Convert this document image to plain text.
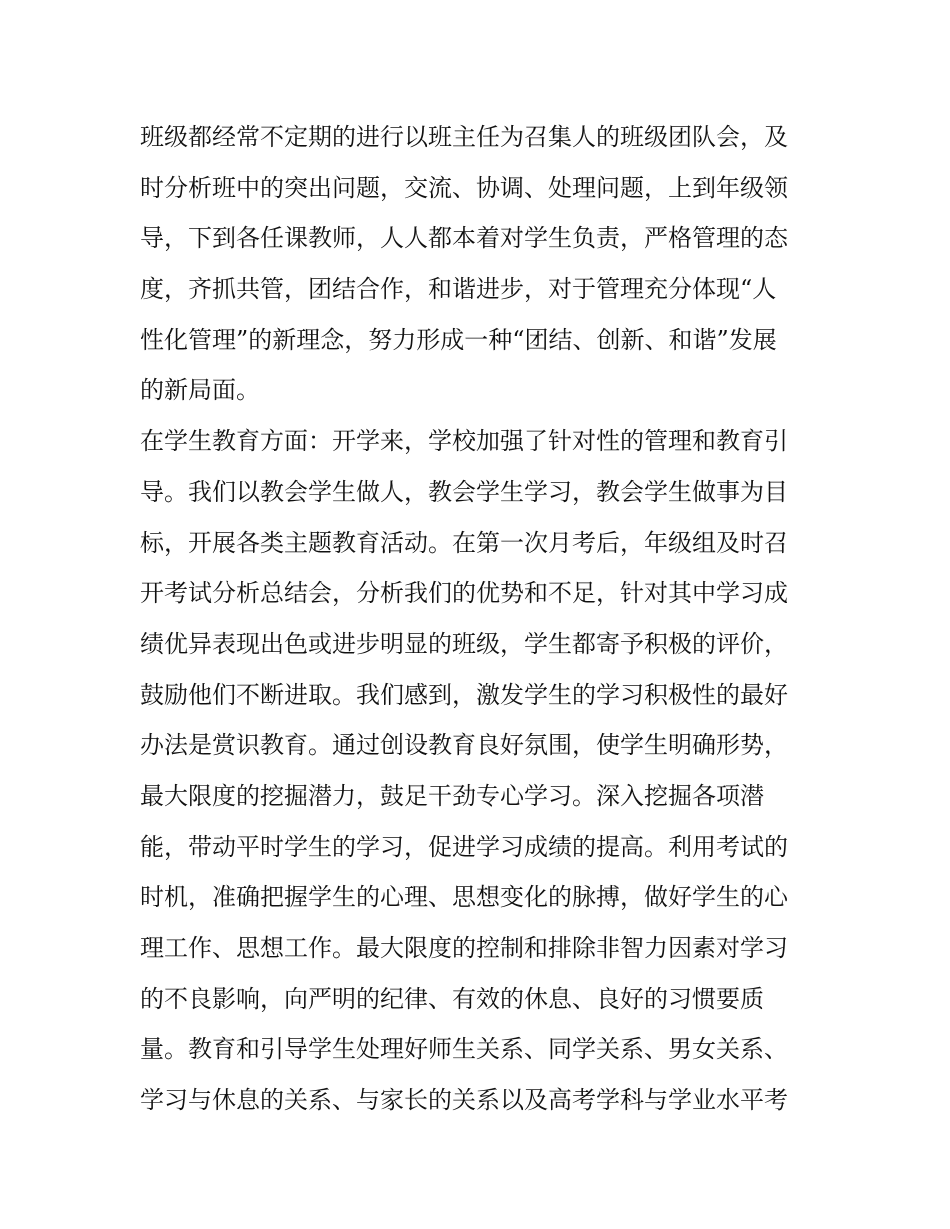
班级都经常不定期的进行以班主任为召集人的班级团队会，及
时分析班中的突出问题，交流、协调、处理问题，上到年级领
导，下到各任课教师，人人都本着对学生负责，严格管理的态
度，齐抓共管，团结合作，和谐进步，对于管理充分体现“人
性化管理”的新理念，努力形成一种“团结、创新、和谐”发展
的新局面。
在学生教育方面：开学来，学校加强了针对性的管理和教育引
导。我们以教会学生做人，教会学生学习，教会学生做事为目
标，开展各类主题教育活动。在第一次月考后，年级组及时召
开考试分析总结会，分析我们的优势和不足，针对其中学习成
绩优异表现出色或进步明显的班级，学生都寄予积极的评价，
鼓励他们不断进取。我们感到，激发学生的学习积极性的最好
办法是赏识教育。通过创设教育良好氛围，使学生明确形势，
最大限度的挖掘潜力，鼓足干劲专心学习。深入挖掘各项潜
能，带动平时学生的学习，促进学习成绩的提高。利用考试的
时机，准确把握学生的心理、思想变化的脉搏，做好学生的心
理工作、思想工作。最大限度的控制和排除非智力因素对学习
的不良影响，向严明的纪律、有效的休息、良好的习惯要质
量。教育和引导学生处理好师生关系、同学关系、男女关系、
学习与休息的关系、与家长的关系以及高考学科与学业水平考
